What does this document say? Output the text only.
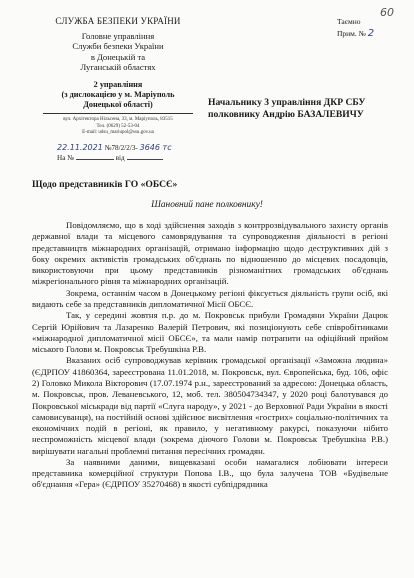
60
Таємно
Прим. № 2
СЛУЖБА БЕЗПЕКИ УКРАЇНИ
Головне управління
Служби безпеки України
в Донецькій та
Луганській областях
2 управління
(з дислокацією у м. Маріуполь
Донецької області)
вул. Архітектора Нільсена, 33, м. Маріуполь, 83515
Тел. (0629) 52-53-04
E-mail: udsu_mariupol@ssu.gov.ua
22.11.2021 №78/2/2/3- 3646 тс
На №	від
Начальнику 3 управління ДКР СБУ
полковнику Андрію БАЗАЛЕВИЧУ
Щодо представників ГО «ОБСЄ»
Шановний пане полковнику!

Повідомляємо, що в ході здійснення заходів з контррозвідувального захисту органів державної влади та місцевого самоврядування та супроводження діяльності в регіоні представництв міжнародних організацій, отримано інформацію щодо деструктивних дій з боку окремих активістів громадських об'єднань по відношенню до місцевих посадовців, використовуючи при цьому представників різноманітних громадських об'єднань міжрегіонального рівня та міжнародних організацій.

Зокрема, останнім часом в Донецькому регіоні фіксується діяльність групи осіб, які видають себе за представників дипломатичної Місії ОБСЄ.

Так, у середині жовтня п.р. до м. Покровськ прибули Громадяни України Дацюк Сергій Юрійович та Лазаренко Валерій Петрович, які позиціонують себе співробітниками «міжнародної дипломатичної місії ОБСЄ», та мали намір потрапити на офіційний прийом міського Голови м. Покровськ Требушкіна Р.В.

Вказаних осіб супроводжував керівник громадської організації «Заможна людина» (ЄДРПОУ 41860364, зареєстрована 11.01.2018, м. Покровськ, вул. Європейська, буд. 106, офіс 2) Головко Микола Вікторович (17.07.1974 р.н., зареєстрований за адресою: Донецька область, м. Покровськ, пров. Леваневського, 12, моб. тел. 380504734347, у 2020 році балотувався до Покровської міськради від партії «Слуга народу», у 2021 - до Верховної Ради України в якості самовисуванця), на постійній основі здійснює висвітлення «гострих» соціально-політичних та економічних подій в регіоні, як правило, у негативному ракурсі, показуючи нібито неспроможність місцевої влади (зокрема діючого Голови м. Покровськ Требушкіна Р.В.) вирішувати нагальні проблемні питання пересічних громадян.

За наявними даними, вищевказані особи намагалися лобіювати інтереси представника комерційної структури Попова І.В., що була залучена ТОВ «Будівельне об'єднання «Гера» (ЄДРПОУ 35270468) в якості субпідрядника
